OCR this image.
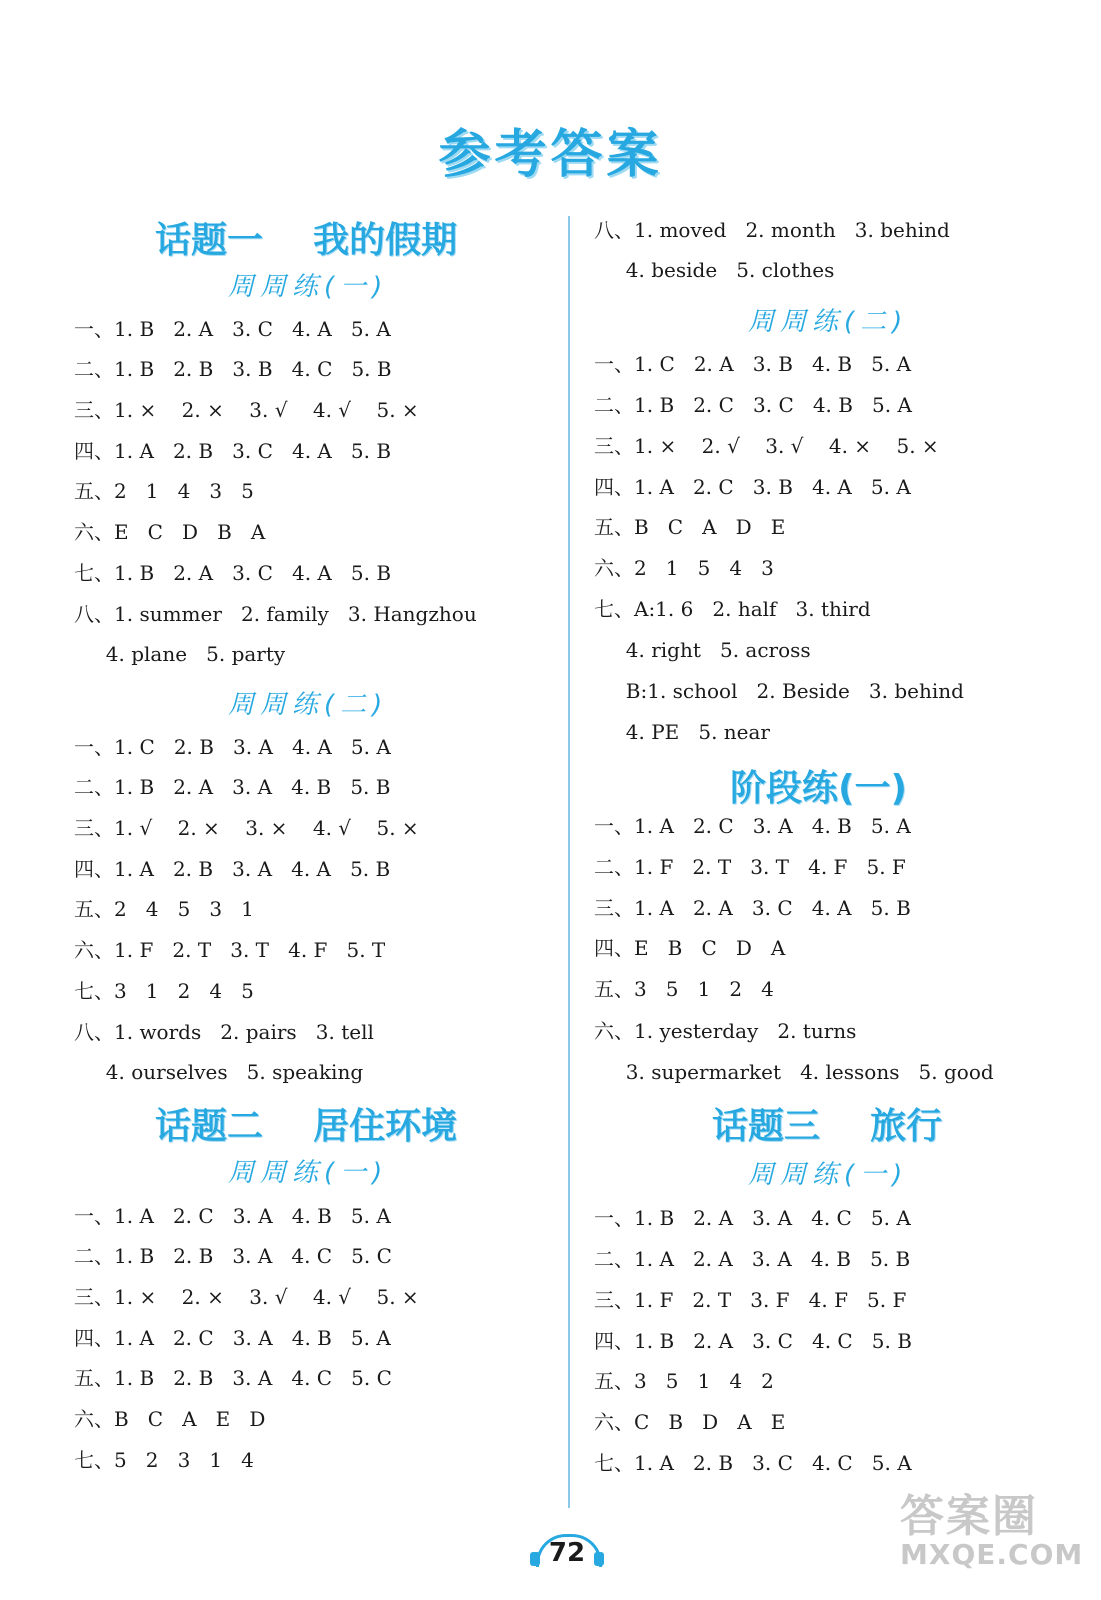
参考答案
话题一    我的假期
周周练(一)
一、1. B   2. A   3. C   4. A   5. A
二、1. B   2. B   3. B   4. C   5. B
三、1. ×    2. ×    3. √    4. √    5. ×
四、1. A   2. B   3. C   4. A   5. B
五、2   1   4   3   5
六、E   C   D   B   A
七、1. B   2. A   3. C   4. A   5. B
八、1. summer   2. family   3. Hangzhou
4. plane   5. party
周周练(二)
一、1. C   2. B   3. A   4. A   5. A
二、1. B   2. A   3. A   4. B   5. B
三、1. √    2. ×    3. ×    4. √    5. ×
四、1. A   2. B   3. A   4. A   5. B
五、2   4   5   3   1
六、1. F   2. T   3. T   4. F   5. T
七、3   1   2   4   5
八、1. words   2. pairs   3. tell
4. ourselves   5. speaking
话题二    居住环境
周周练(一)
一、1. A   2. C   3. A   4. B   5. A
二、1. B   2. B   3. A   4. C   5. C
三、1. ×    2. ×    3. √    4. √    5. ×
四、1. A   2. C   3. A   4. B   5. A
五、1. B   2. B   3. A   4. C   5. C
六、B   C   A   E   D
七、5   2   3   1   4
八、1. moved   2. month   3. behind
4. beside   5. clothes
周周练(二)
一、1. C   2. A   3. B   4. B   5. A
二、1. B   2. C   3. C   4. B   5. A
三、1. ×    2. √    3. √    4. ×    5. ×
四、1. A   2. C   3. B   4. A   5. A
五、B   C   A   D   E
六、2   1   5   4   3
七、A:1. 6   2. half   3. third
4. right   5. across
B:1. school   2. Beside   3. behind
4. PE   5. near
阶段练(一)
一、1. A   2. C   3. A   4. B   5. A
二、1. F   2. T   3. T   4. F   5. F
三、1. A   2. A   3. C   4. A   5. B
四、E   B   C   D   A
五、3   5   1   2   4
六、1. yesterday   2. turns
3. supermarket   4. lessons   5. good
话题三    旅行
周周练(一)
一、1. B   2. A   3. A   4. C   5. A
二、1. A   2. A   3. A   4. B   5. B
三、1. F   2. T   3. F   4. F   5. F
四、1. B   2. A   3. C   4. C   5. B
五、3   5   1   4   2
六、C   B   D   A   E
七、1. A   2. B   3. C   4. C   5. A
72
答案圈
MXQE.COM
